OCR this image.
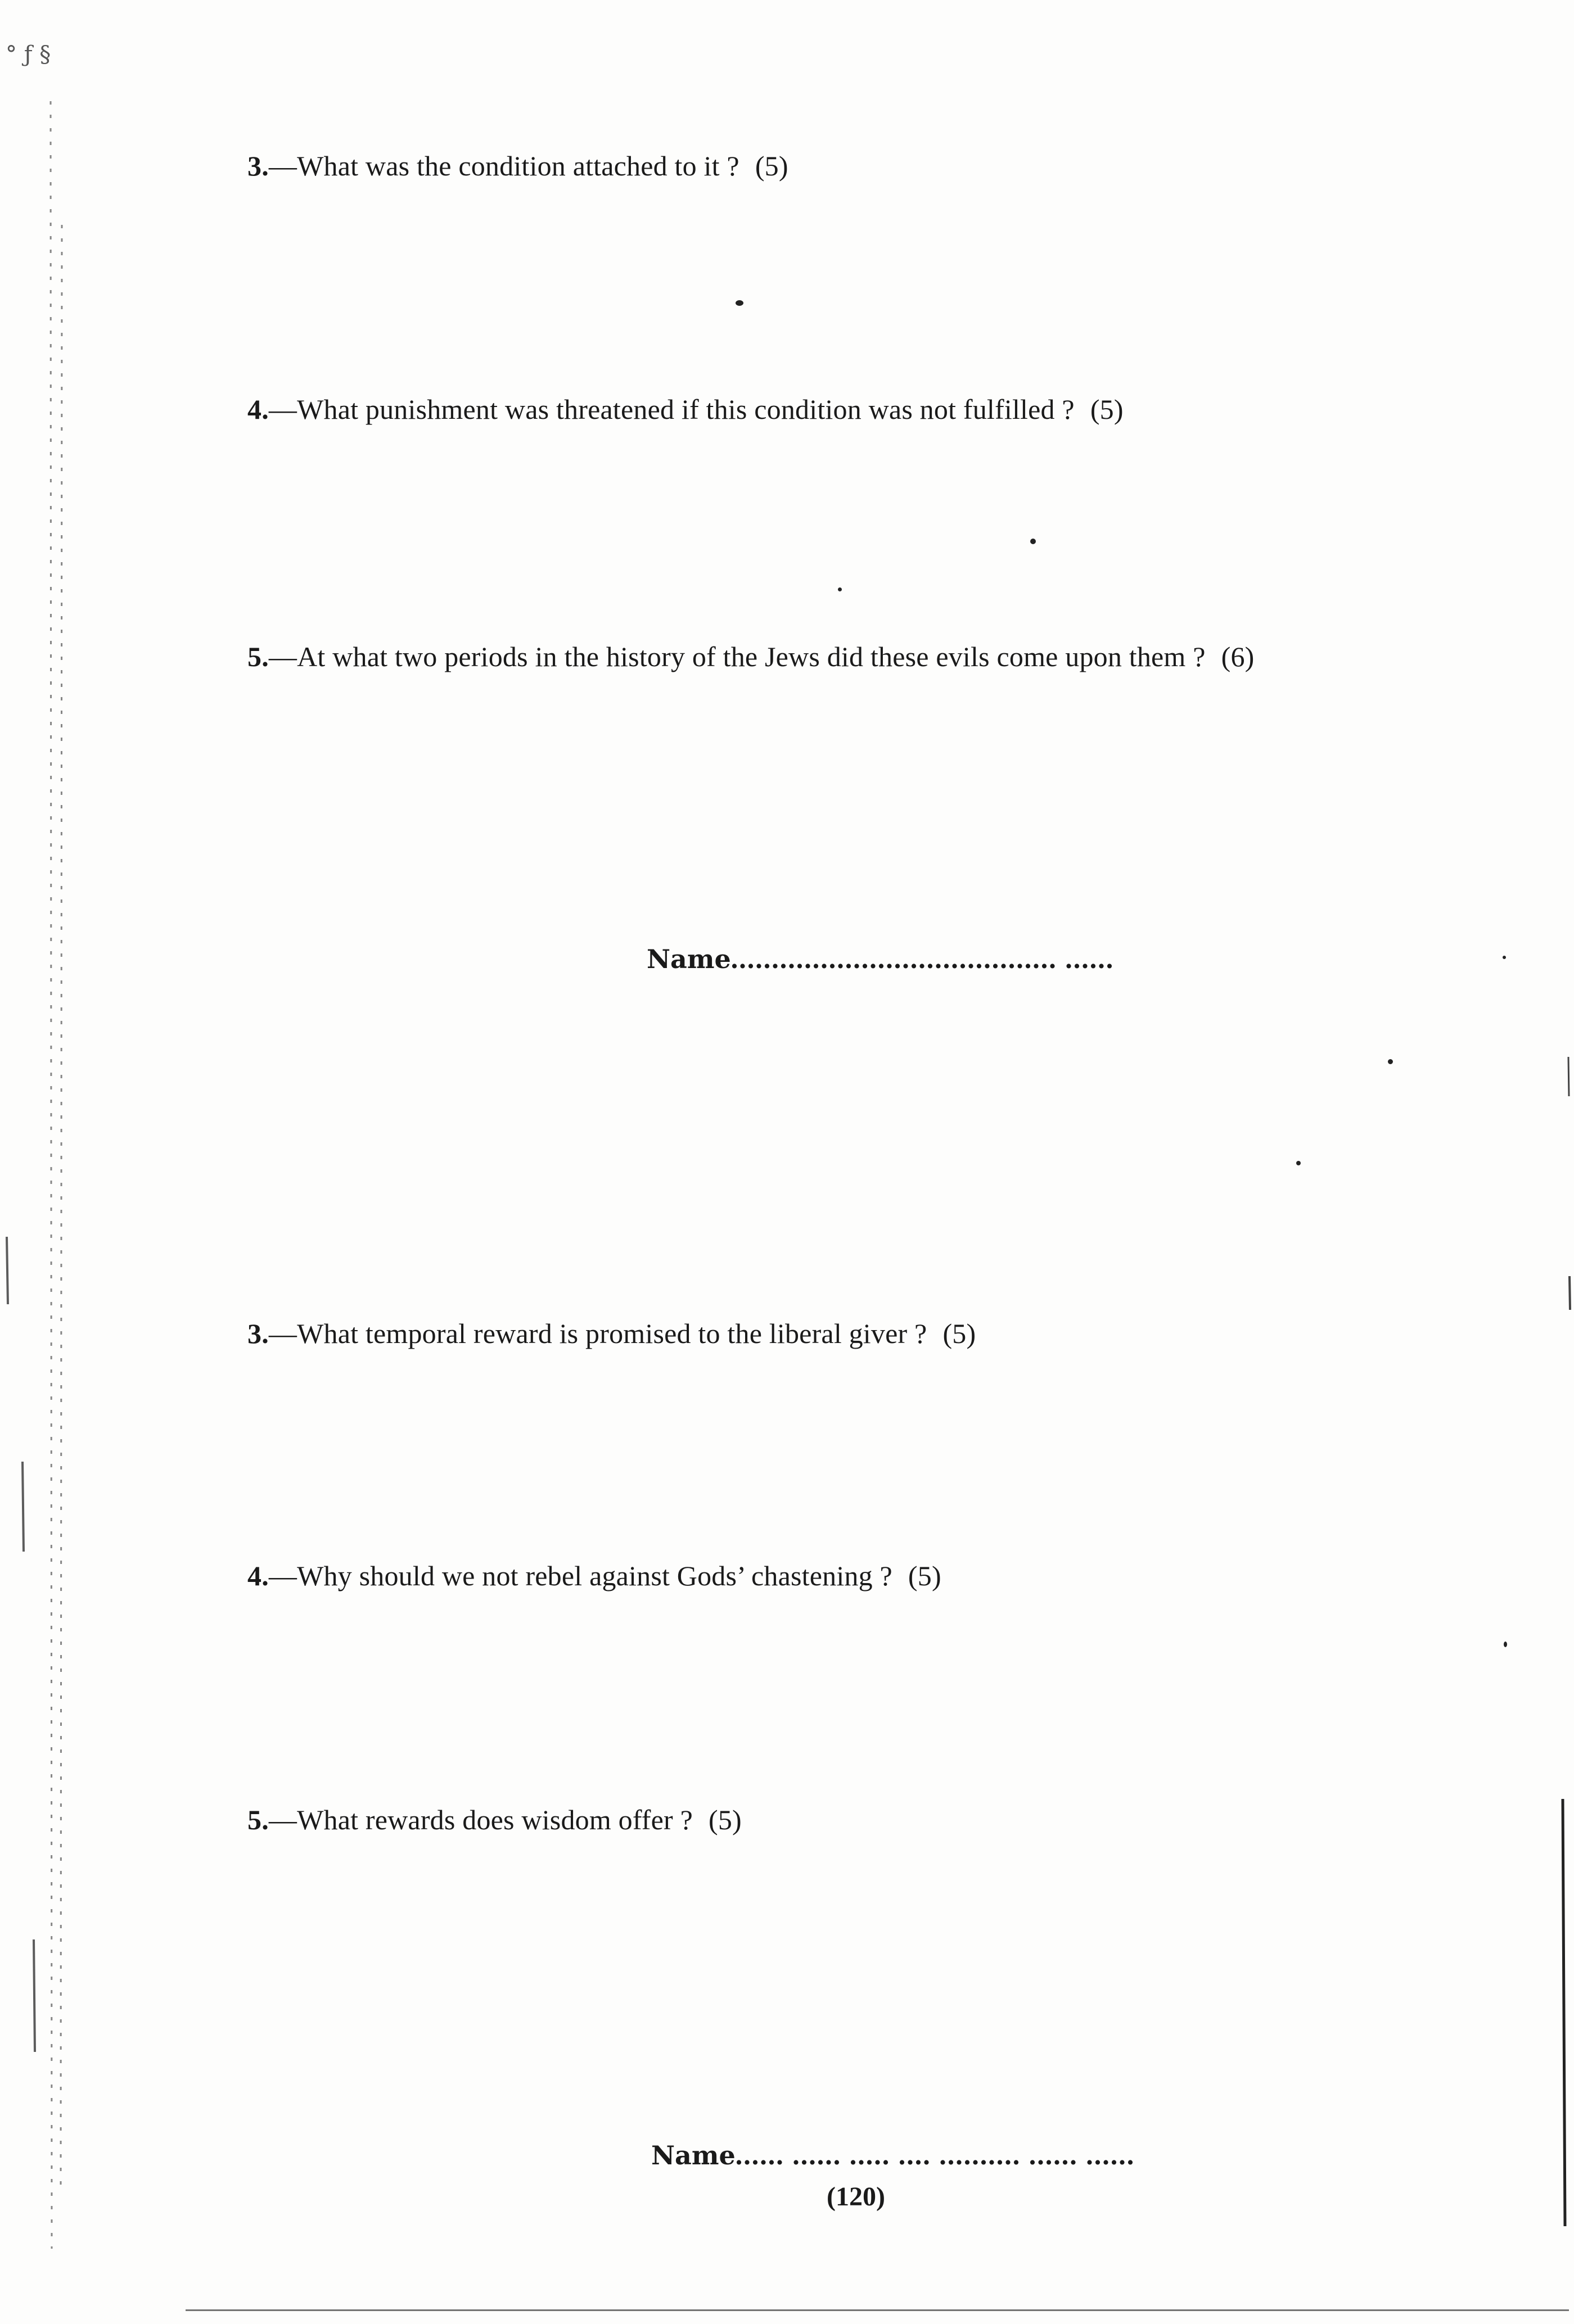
° ƒ §
3.—What was the condition attached to it ? (5)
4.—What punishment was threatened if this condition was not fulfilled ? (5)
5.—At what two periods in the history of the Jews did these evils come upon them ? (6)
Name........................................ ......
3.—What temporal reward is promised to the liberal giver ? (5)
4.—Why should we not rebel against Gods’ chastening ? (5)
5.—What rewards does wisdom offer ? (5)
Name...... ...... ..... .... .......... ...... ......
(120)
